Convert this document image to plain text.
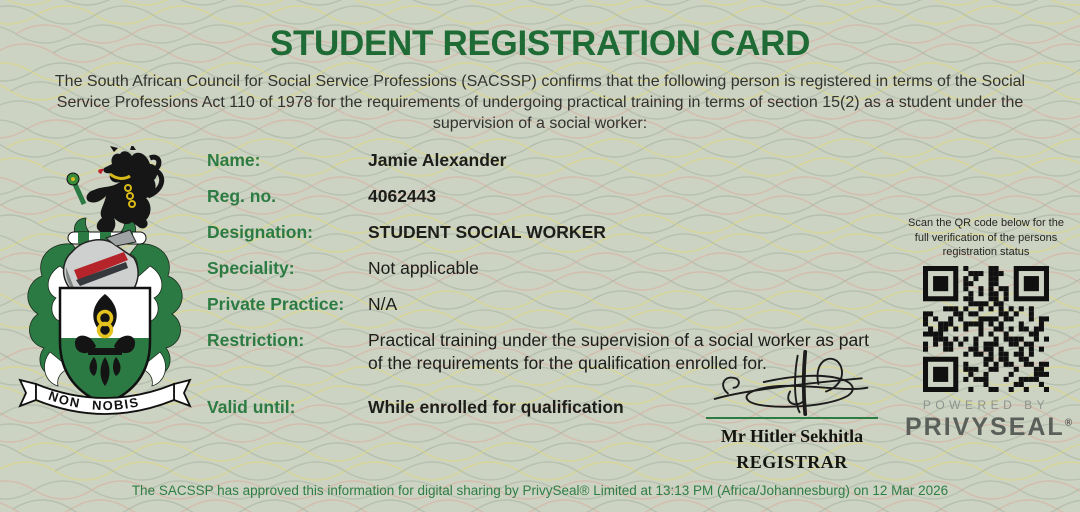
STUDENT REGISTRATION CARD
The South African Council for Social Service Professions (SACSSP) confirms that the following person is registered in terms of the Social Service Professions Act 110 of 1978 for the requirements of undergoing practical training in terms of section 15(2) as a student under the supervision of a social worker:
NON NOBIS
Name:	Jamie Alexander
Reg. no.	4062443
Designation:	STUDENT SOCIAL WORKER
Speciality:	Not applicable
Private Practice:	N/A
Restriction:	Practical training under the supervision of a social worker as part of the requirements for the qualification enrolled for.
Valid until:	While enrolled for qualification
Mr Hitler Sekhitla
REGISTRAR
Scan the QR code below for the full verification of the persons registration status
POWERED BY
PRIVYSEAL®
The SACSSP has approved this information for digital sharing by PrivySeal® Limited at 13:13 PM (Africa/Johannesburg) on 12 Mar 2026
